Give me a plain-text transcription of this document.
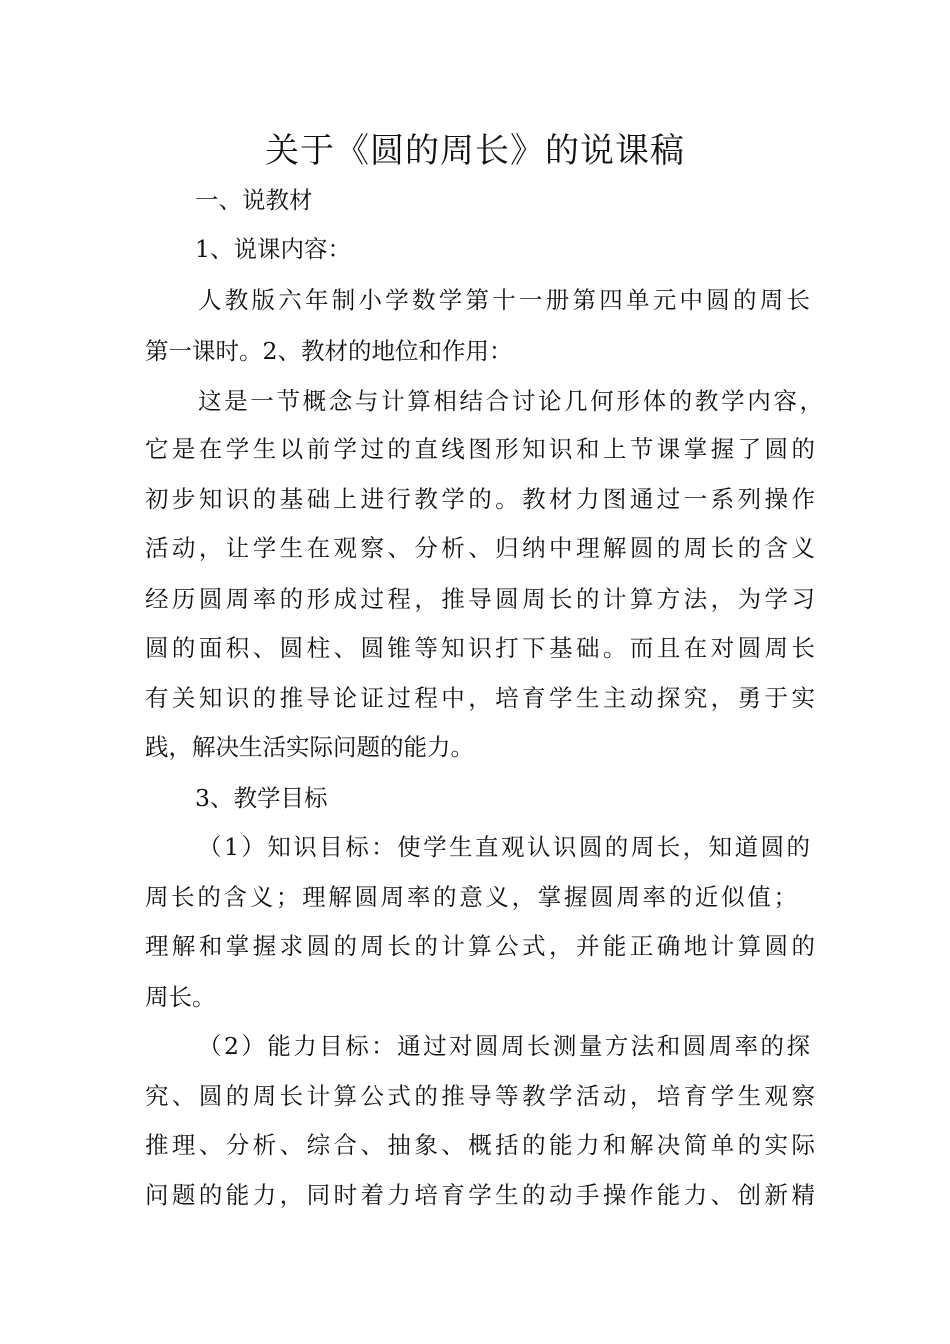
关于《圆的周长》的说课稿

一、说教材

1、说课内容：

人教版六年制小学数学第十一册第四单元中圆的周长

第一课时。2、教材的地位和作用：

这是一节概念与计算相结合讨论几何形体的教学内容，

它是在学生以前学过的直线图形知识和上节课掌握了圆的

初步知识的基础上进行教学的。教材力图通过一系列操作

活动，让学生在观察、分析、归纳中理解圆的周长的含义

经历圆周率的形成过程，推导圆周长的计算方法，为学习

圆的面积、圆柱、圆锥等知识打下基础。而且在对圆周长

有关知识的推导论证过程中，培育学生主动探究，勇于实

践，解决生活实际问题的能力。

3、教学目标

（1）知识目标：使学生直观认识圆的周长，知道圆的

周长的含义；理解圆周率的意义，掌握圆周率的近似值；

理解和掌握求圆的周长的计算公式，并能正确地计算圆的

周长。

（2）能力目标：通过对圆周长测量方法和圆周率的探

究、圆的周长计算公式的推导等教学活动，培育学生观察

推理、分析、综合、抽象、概括的能力和解决简单的实际

问题的能力，同时着力培育学生的动手操作能力、创新精
